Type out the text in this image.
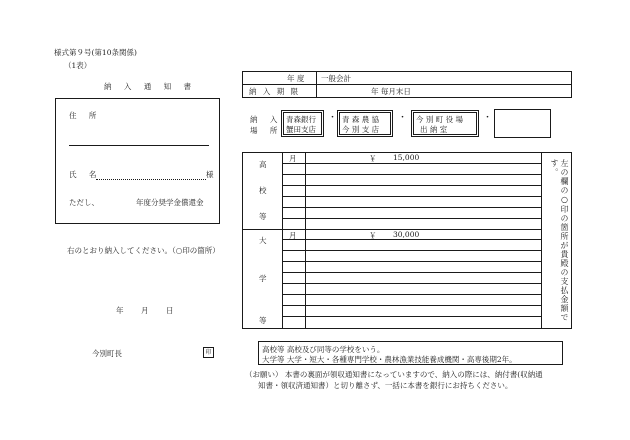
様式第９号(第10条関係)
（1表）
納 入 通 知 書
住 所
氏 名	様
ただし、	年度分奨学金償還金
右のとおり納入してください。（○印の箇所）
年 月 日
今別町長	印
年 度 一般会計
納 入 期 限	年 毎月末日
納 入
場 所
青森銀行
蟹田支店
・ 青 森 農 協
今 別 支 店
・ 今 別 町 役 場
出 納 室
・
高
校
等
月	￥ 15,000
大
学
等
月	￥ 30,000	左の欄の○印の箇所が貴殿の支払金額です。
高校等 高校及び同等の学校をいう。
大学等 大学・短大・各種専門学校・農林漁業技能養成機関・高専後期2年。
（お願い） 本書の裏面が領収通知書になっていますので、納入の際には、納付書(収納通
知書・領収済通知書）と切り離さず、一括に本書を銀行にお持ちください。
